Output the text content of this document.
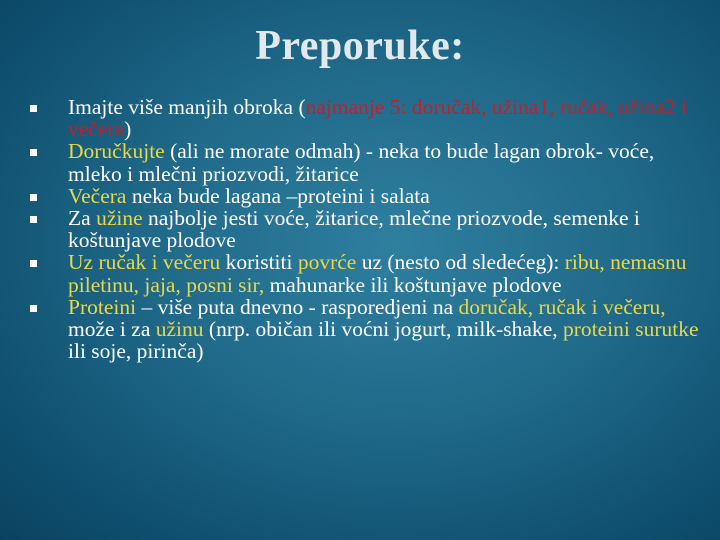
Preporuke:
Imajte više manjih obroka (najmanje 5: doručak, užina1, ručak, užina2 i večera)
Doručkujte (ali ne morate odmah) - neka to bude lagan obrok- voće, mleko i mlečni priozvodi, žitarice
Večera neka bude lagana –proteini i salata
Za užine najbolje jesti voće, žitarice, mlečne priozvode, semenke i koštunjave plodove
Uz ručak i večeru koristiti povrće uz (nesto od sledećeg): ribu, nemasnu piletinu, jaja, posni sir, mahunarke ili koštunjave plodove
Proteini – više puta dnevno - rasporedjeni na doručak, ručak i večeru, može i za užinu (nrp. običan ili voćni jogurt, milk-shake, proteini surutke ili soje, pirinča)
